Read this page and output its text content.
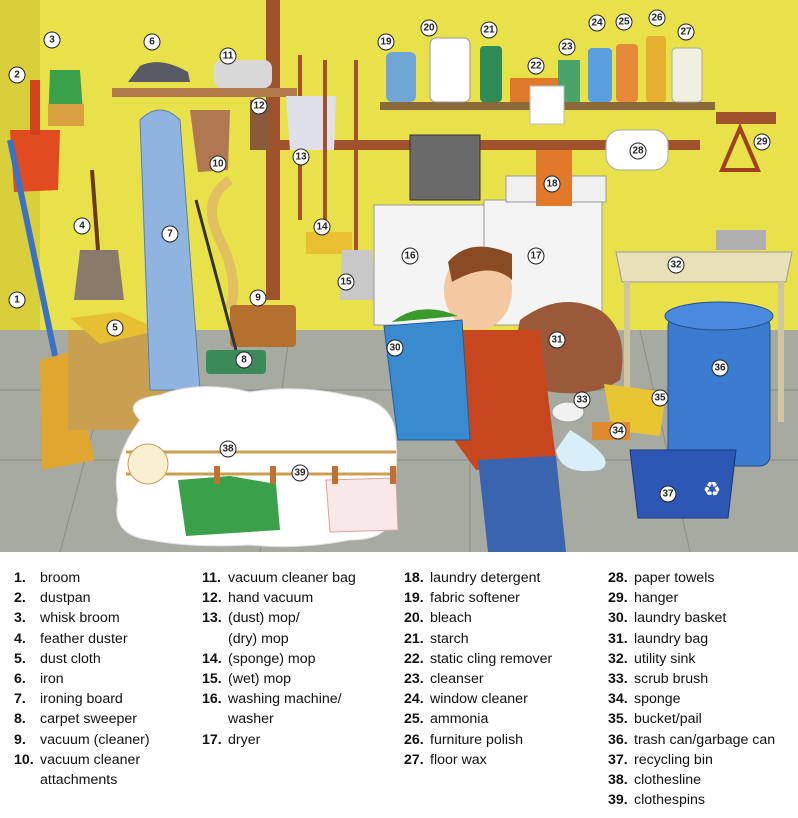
♻
1
2
3
4
5
6
7
8
9
10
11
12
13
14
15
16	17
18
19
20	21
22
23
24 25 26
27
28
29
30
31
32
33
34
35
36
37
38
39
1. broom
2. dustpan
3. whisk broom
4. feather duster
5. dust cloth
6. iron
7. ironing board
8. carpet sweeper
9. vacuum (cleaner)
10. vacuum cleaner
attachments
11. vacuum cleaner bag
12. hand vacuum
13. (dust) mop/
(dry) mop
14. (sponge) mop
15. (wet) mop
16. washing machine/
washer
17. dryer
18. laundry detergent
19. fabric softener
20. bleach
21. starch
22. static cling remover
23. cleanser
24. window cleaner
25. ammonia
26. furniture polish
27. floor wax
28. paper towels
29. hanger
30. laundry basket
31. laundry bag
32. utility sink
33. scrub brush
34. sponge
35. bucket/pail
36. trash can/garbage can
37. recycling bin
38. clothesline
39. clothespins
